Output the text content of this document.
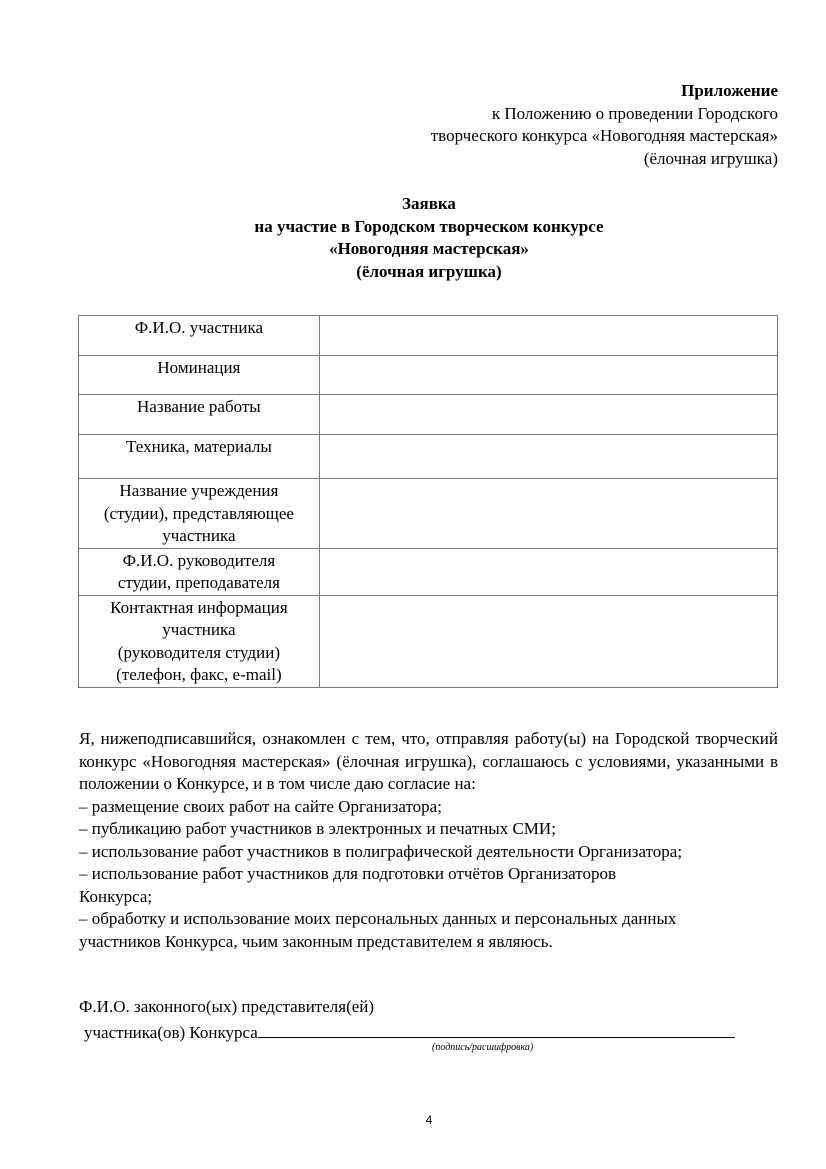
Приложение
к Положению о проведении Городского
творческого конкурса «Новогодняя мастерская»
(ёлочная игрушка)
Заявка
на участие в Городском творческом конкурсе
«Новогодняя мастерская»
(ёлочная игрушка)
Ф.И.О. участника	

Номинация	

Название работы	

Техника, материалы	

Название учреждения
(студии), представляющее
участника	

Ф.И.О. руководителя
студии, преподавателя	

Контактная информация
участника
(руководителя студии)
(телефон, факс, e-mail)	

Я, нижеподписавшийся, ознакомлен с тем, что, отправляя работу(ы) на Городской творческий конкурс «Новогодняя мастерская» (ёлочная игрушка), соглашаюсь с условиями, указанными в положении о Конкурсе, и в том числе даю согласие на:

– размещение своих работ на сайте Организатора;

– публикацию работ участников в электронных и печатных СМИ;

– использование работ участников в полиграфической деятельности Организатора;

– использование работ участников для подготовки отчётов Организаторов
Конкурса;

– обработку и использование моих персональных данных и персональных данных
участников Конкурса, чьим законным представителем я являюсь.

Ф.И.О. законного(ых) представителя(ей)
участника(ов) Конкурса
(подпись/расшифровка)
4
